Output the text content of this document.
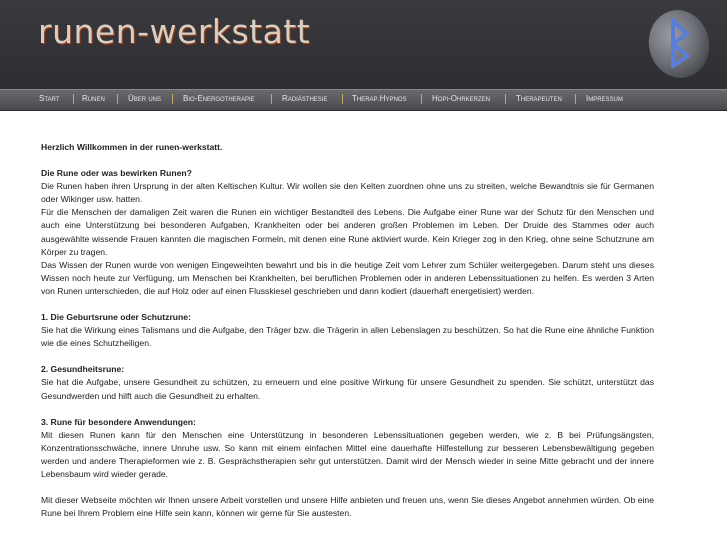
runen-werkstatt
Start	Runen	Über uns	Bio-Energotherapie	Radiästhesie	Therap.Hypnos	Hopi-Ohrkerzen	Therapeuten	Impressum

Herzlich Willkommen in der runen-werkstatt.

Die Rune oder was bewirken Runen?

Die Runen haben ihren Ursprung in der alten Keltischen Kultur. Wir wollen sie den Kelten zuordnen ohne uns zu streiten, welche Bewandtnis sie für Germanen oder Wikinger usw. hatten.

Für die Menschen der damaligen Zeit waren die Runen ein wichtiger Bestandteil des Lebens. Die Aufgabe einer Rune war der Schutz für den Menschen und auch eine Unterstützung bei besonderen Aufgaben, Krankheiten oder bei anderen großen Problemen im Leben. Der Druide des Stammes oder auch ausgewählte wissende Frauen kannten die magischen Formeln, mit denen eine Rune aktiviert wurde. Kein Krieger zog in den Krieg, ohne seine Schutzrune am Körper zu tragen.

Das Wissen der Runen wurde von wenigen Eingeweihten bewahrt und bis in die heutige Zeit vom Lehrer zum Schüler weitergegeben. Darum steht uns dieses Wissen noch heute zur Verfügung, um Menschen bei Krankheiten, bei beruflichen Problemen oder in anderen Lebenssituationen zu helfen. Es werden 3 Arten von Runen unterschieden, die auf Holz oder auf einen Flusskiesel geschrieben und dann kodiert (dauerhaft energetisiert) werden.

1. Die Geburtsrune oder Schutzrune:

Sie hat die Wirkung eines Talismans und die Aufgabe, den Träger bzw. die Trägerin in allen Lebenslagen zu beschützen. So hat die Rune eine ähnliche Funktion wie die eines Schutzheiligen.

2. Gesundheitsrune:

Sie hat die Aufgabe, unsere Gesundheit zu schützen, zu erneuern und eine positive Wirkung für unsere Gesundheit zu spenden. Sie schützt, unterstützt das Gesundwerden und hilft auch die Gesundheit zu erhalten.

3. Rune für besondere Anwendungen:

Mit diesen Runen kann für den Menschen eine Unterstützung in besonderen Lebenssituationen gegeben werden, wie z. B bei Prüfungsängsten, Konzentrationsschwäche, innere Unruhe usw. So kann mit einem einfachen Mittel eine dauerhafte Hilfestellung zur besseren Lebensbewältigung gegeben werden und andere Therapieformen wie z. B. Gesprächstherapien sehr gut unterstützen. Damit wird der Mensch wieder in seine Mitte gebracht und der innere Lebensbaum wird wieder gerade.

Mit dieser Webseite möchten wir Ihnen unsere Arbeit vorstellen und unsere Hilfe anbieten und freuen uns, wenn Sie dieses Angebot annehmen würden. Ob eine Rune bei Ihrem Problem eine Hilfe sein kann, können wir gerne für Sie austesten.
